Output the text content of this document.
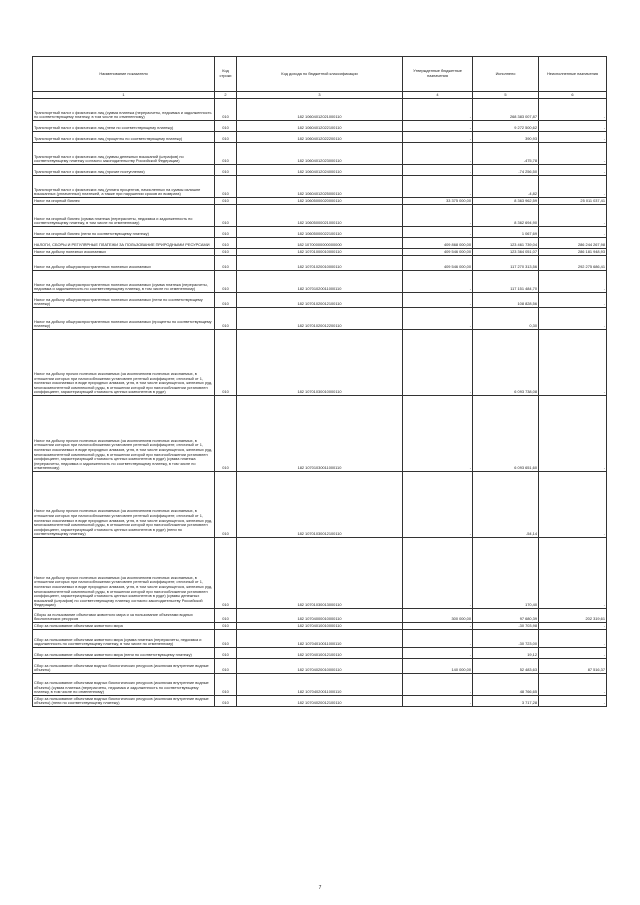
Наименование показателя	Код строки	Код дохода по бюджетной классификации	Утвержденные бюджетные назначения	Исполнено	Неисполненные назначения
1	2	3	4	5	6
Транспортный налог с физических лиц (сумма платежа (перерасчеты, недоимка и задолженность по соответствующему платежу, в том числе по отмененному)	010	182 10604012021000110	-	268 383 007,87	-
Транспортный налог с физических лиц (пени по соответствующему платежу)	010	182 10604012022100110	-	9 272 500,62	-
Транспортный налог с физических лиц (проценты по соответствующему платежу)	010	182 10604012022200110	-	390,93	-
Транспортный налог с физических лиц (суммы денежных взысканий (штрафов) по соответствующему платежу согласно законодательству Российской Федерации)	010	182 10604012023000110	-	-475,78	-
Транспортный налог с физических лиц (прочие поступления)	010	182 10604012024000110	-	-74 256,50	-
Транспортный налог с физических лиц (уплата процентов, начисленных на суммы излишне взысканных (уплаченных) платежей, а также при нарушении сроков их возврата)	010	182 10604012025000110	-	-4,82	-
Налог на игорный бизнес	010	182 10605000020000110	33 375 000,00	8 363 962,59	25 011 037,41
Налог на игорный бизнес (сумма платежа (перерасчеты, недоимка и задолженность по соответствующему платежу, в том числе по отмененному)	010	182 10605000021000110	-	8 362 694,90	-
Налог на игорный бизнес (пени по соответствующему платежу)	010	182 10605000022100110	-	1 067,69	-
НАЛОГИ, СБОРЫ И РЕГУЛЯРНЫЕ ПЛАТЕЖИ ЗА ПОЛЬЗОВАНИЕ ПРИРОДНЫМИ РЕСУРСАМИ	010	182 10700000000000000	409 868 000,00	123 461 739,04	286 244 267,98
Налог на добычу полезных ископаемых	010	182 10701000010000110	409 546 000,00	123 364 051,07	286 181 948,93
Налог на добычу общераспространенных полезных ископаемых	010	182 10701020010000110	409 546 000,00	117 270 313,56	292 275 686,41
Налог на добычу общераспространенных полезных ископаемых (сумма платежа (перерасчеты, недоимка и задолженность по соответствующему платежу, в том числе по отмененному)	010	182 10701020011000110	-	117 151 484,70	-
Налог на добычу общераспространенных полезных ископаемых (пени по соответствующему платежу)	010	182 10701020012100110	-	108 828,56	-
Налог на добычу общераспространенных полезных ископаемых (проценты по соответствующему платежу)	010	182 10701020012200110	-	0,30	-
Налог на добычу прочих полезных ископаемых (за исключением полезных ископаемых, в отношении которых при налогообложении установлен рентный коэффициент, отличный от 1, полезных ископаемых в виде природных алмазов, угля, в том числе коксующегося, железных руд, многокомпонентной комплексной руды, в отношении которой при налогообложении установлен коэффициент, характеризующий стоимость ценных компонентов в руде)	010	182 10701030010000110	-	6 093 738,08	-
Налог на добычу прочих полезных ископаемых (за исключением полезных ископаемых, в отношении которых при налогообложении установлен рентный коэффициент, отличный от 1, полезных ископаемых в виде природных алмазов, угля, в том числе коксующегося, железных руд, многокомпонентной комплексной руды, в отношении которой при налогообложении установлен коэффициент, характеризующий стоимость ценных компонентов в руде) (сумма платежа (перерасчеты, недоимка и задолженность по соответствующему платежу, в том числе по отмененному)	010	182 10701030011000110	-	6 093 651,60	-
Налог на добычу прочих полезных ископаемых (за исключением полезных ископаемых, в отношении которых при налогообложении установлен рентный коэффициент, отличный от 1, полезных ископаемых в виде природных алмазов, угля, в том числе коксующегося, железных руд, многокомпонентной комплексной руды, в отношении которой при налогообложении установлен коэффициент, характеризующий стоимость ценных компонентов в руде) (пени по соответствующему платежу)	010	182 10701030012100110	-	-54,14	-
Налог на добычу прочих полезных ископаемых (за исключением полезных ископаемых, в отношении которых при налогообложении установлен рентный коэффициент, отличный от 1, полезных ископаемых в виде природных алмазов, угля, в том числе коксующегося, железных руд, многокомпонентной комплексной руды, в отношении которой при налогообложении установлен коэффициент, характеризующий стоимость ценных компонентов в руде) (суммы денежных взысканий (штрафов) по соответствующему платежу согласно законодательству Российской Федерации)	010	182 10701030013000110	-	170,40	-
Сборы за пользование объектами животного мира и за пользование объектами водных биологических ресурсов	010	182 10704000010000110	300 000,00	97 680,39	202 319,61
Сбор за пользование объектами животного мира	010	182 10704010010000110	-	-30 703,98	-
Сбор за пользование объектами животного мира (сумма платежа (перерасчеты, недоимка и задолженность по соответствующему платежу, в том числе по отмененному)	010	182 10704010011000110	-	-30 723,00	-
Сбор за пользование объектами животного мира (пени по соответствующему платежу)	010	182 10704010012100110	-	19,12	-
Сбор за пользование объектами водных биологических ресурсов (исключая внутренние водные объекты)	010	182 10704020010000110	140 000,00	52 483,63	87 516,37
Сбор за пользование объектами водных биологических ресурсов (исключая внутренние водные объекты) (сумма платежа (перерасчеты, недоимка и задолженность по соответствующему платежу, в том числе по отмененному)	010	182 10704020011000110	-	48 766,65	-
Сбор за пользование объектами водных биологических ресурсов (исключая внутренние водные объекты) (пени по соответствующему платежу)	010	182 10704020012100110	-	3 717,28	-
7
